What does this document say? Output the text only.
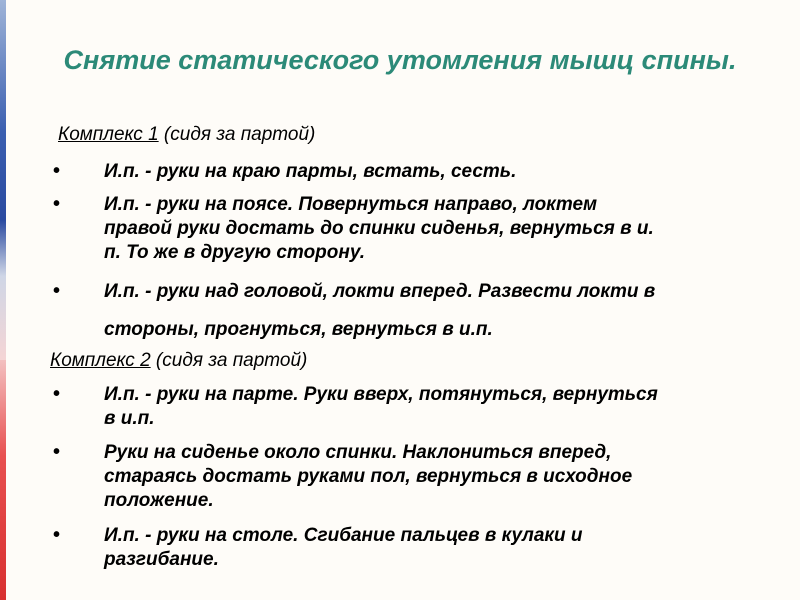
Снятие статического утомления мышц спины.
Комплекс 1 (сидя за партой)
• И.п. - руки на краю парты, встать, сесть.
• И.п. - руки на поясе. Повернуться направо, локтем
правой руки достать до спинки сиденья, вернуться в и.
п. То же в другую сторону.
• И.п. - руки над головой, локти вперед. Развести локти в
стороны, прогнуться, вернуться в и.п.
Комплекс 2 (сидя за партой)
• И.п. - руки на парте. Руки вверх, потянуться, вернуться
в и.п.
• Руки на сиденье около спинки. Наклониться вперед,
стараясь достать руками пол, вернуться в исходное
положение.
• И.п. - руки на столе. Сгибание пальцев в кулаки и
разгибание.
